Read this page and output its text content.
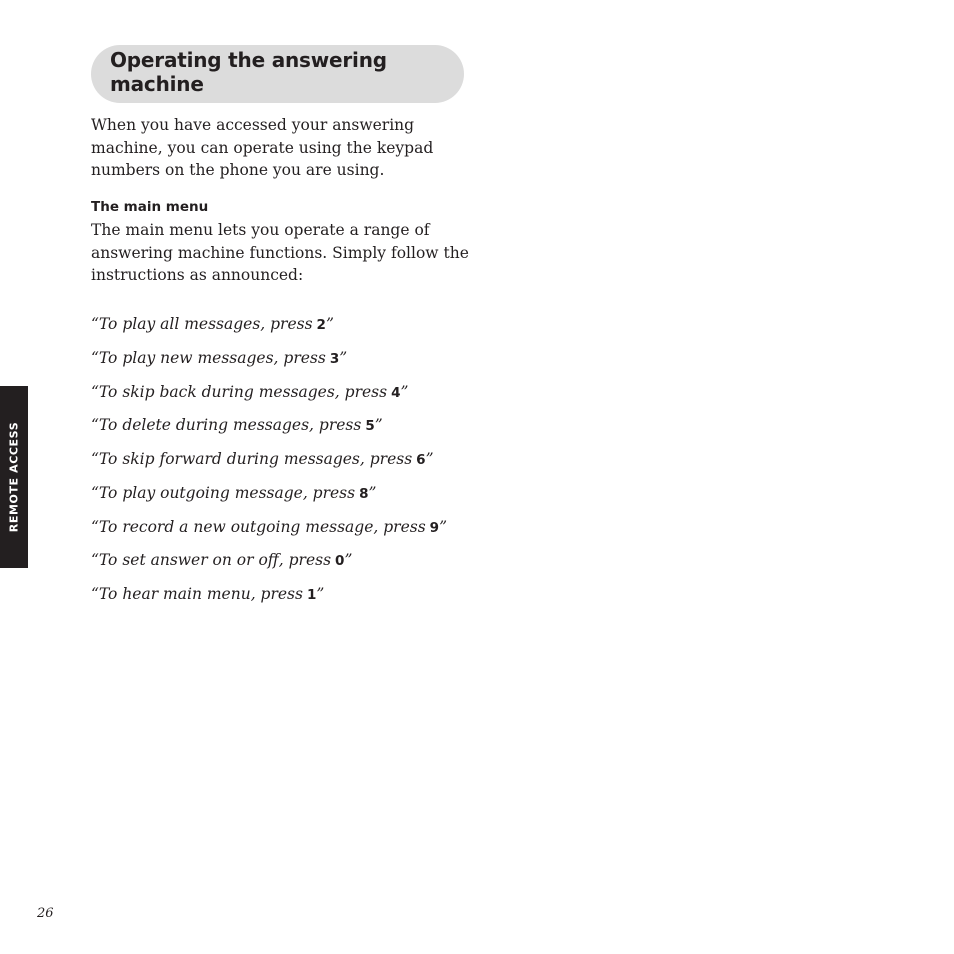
Operating the answering machine

When you have accessed your answering machine, you can operate using the keypad numbers on the phone you are using.

The main menu

The main menu lets you operate a range of answering machine functions. Simply follow the instructions as announced:

“To play all messages, press 2”
“To play new messages, press 3”
“To skip back during messages, press 4”
“To delete during messages, press 5”
“To skip forward during messages, press 6”
“To play outgoing message, press 8”
“To record a new outgoing message, press 9”
“To set answer on or off, press 0”
“To hear main menu, press 1”
REMOTE ACCESS
26
